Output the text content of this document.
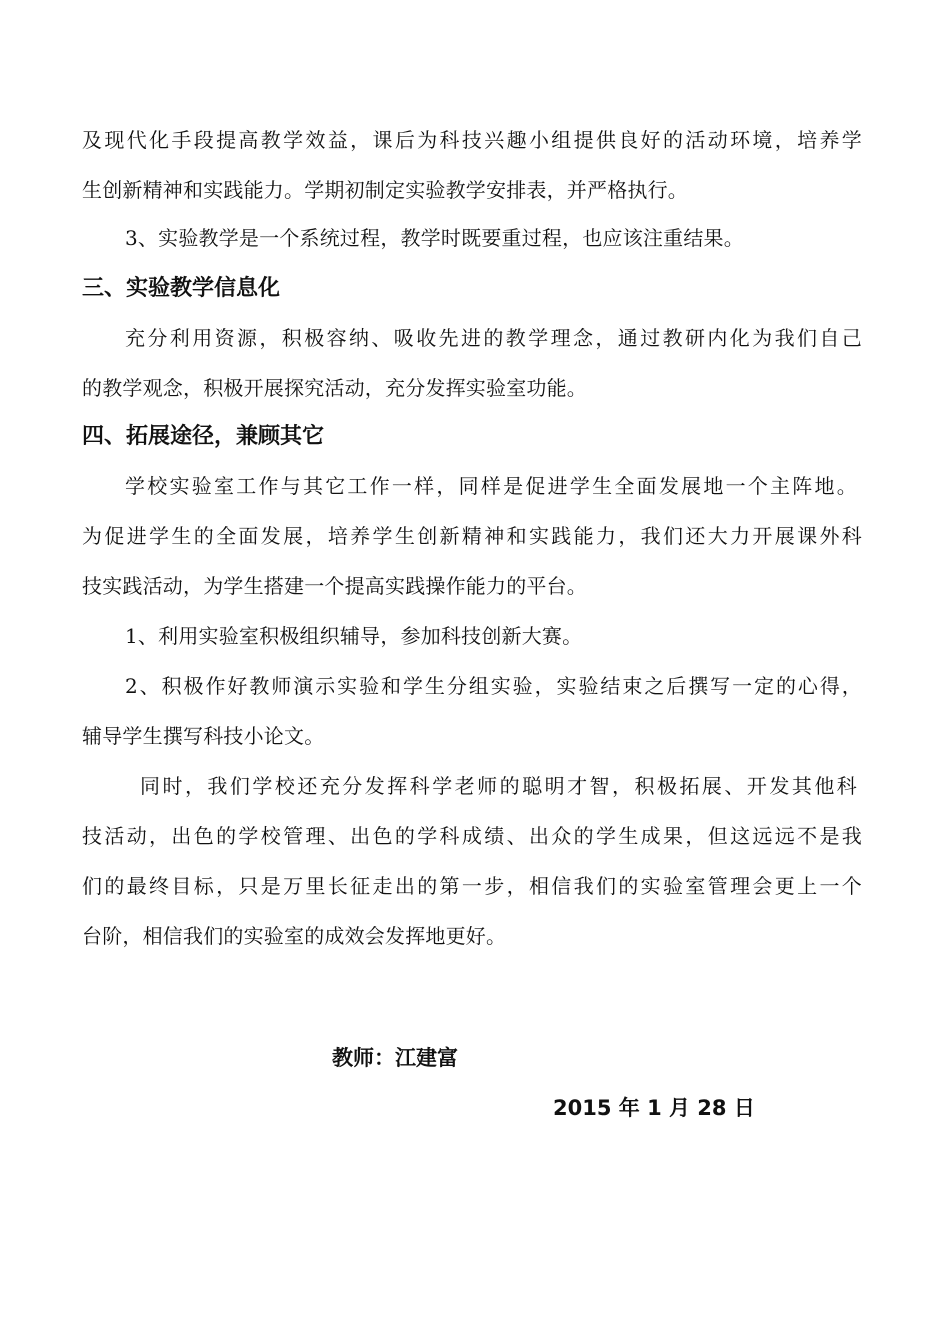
及现代化手段提高教学效益，课后为科技兴趣小组提供良好的活动环境，培养学
生创新精神和实践能力。学期初制定实验教学安排表，并严格执行。
3、实验教学是一个系统过程，教学时既要重过程，也应该注重结果。
三、实验教学信息化
充分利用资源，积极容纳、吸收先进的教学理念，通过教研内化为我们自己
的教学观念，积极开展探究活动，充分发挥实验室功能。
四、拓展途径，兼顾其它
学校实验室工作与其它工作一样，同样是促进学生全面发展地一个主阵地。
为促进学生的全面发展，培养学生创新精神和实践能力，我们还大力开展课外科
技实践活动，为学生搭建一个提高实践操作能力的平台。
1、利用实验室积极组织辅导，参加科技创新大赛。
2、积极作好教师演示实验和学生分组实验，实验结束之后撰写一定的心得，
辅导学生撰写科技小论文。
同时，我们学校还充分发挥科学老师的聪明才智，积极拓展、开发其他科
技活动，出色的学校管理、出色的学科成绩、出众的学生成果，但这远远不是我
们的最终目标，只是万里长征走出的第一步，相信我们的实验室管理会更上一个
台阶，相信我们的实验室的成效会发挥地更好。
教师：江建富
2015 年 1 月 28 日
